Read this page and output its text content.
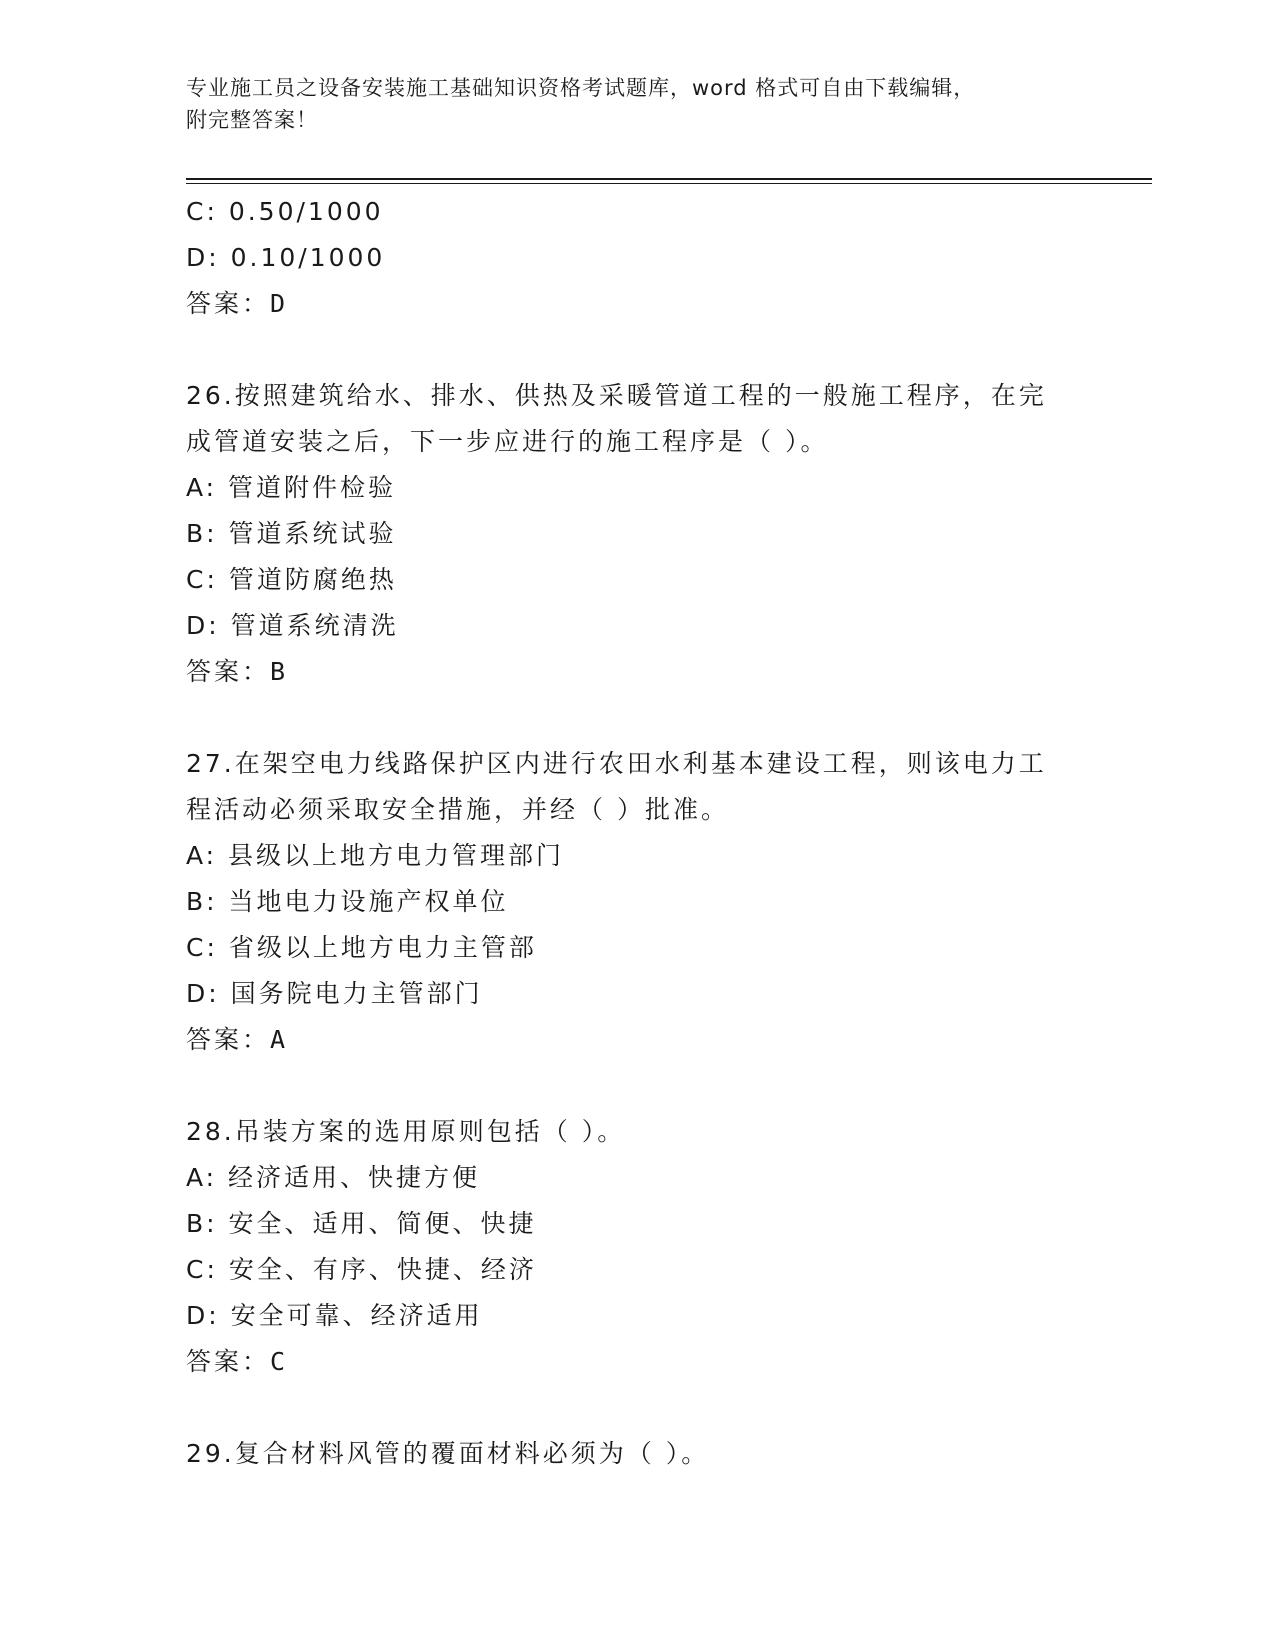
专业施工员之设备安装施工基础知识资格考试题库，word 格式可自由下载编辑，
附完整答案！
C: 0.50/1000
D: 0.10/1000
答案：D
26.按照建筑给水、排水、供热及采暖管道工程的一般施工程序，在完
成管道安装之后，下一步应进行的施工程序是（ ）。
A: 管道附件检验
B: 管道系统试验
C: 管道防腐绝热
D: 管道系统清洗
答案：B
27.在架空电力线路保护区内进行农田水利基本建设工程，则该电力工
程活动必须采取安全措施，并经（ ）批准。
A: 县级以上地方电力管理部门
B: 当地电力设施产权单位
C: 省级以上地方电力主管部
D: 国务院电力主管部门
答案：A
28.吊装方案的选用原则包括（ ）。
A: 经济适用、快捷方便
B: 安全、适用、简便、快捷
C: 安全、有序、快捷、经济
D: 安全可靠、经济适用
答案：C
29.复合材料风管的覆面材料必须为（ ）。
